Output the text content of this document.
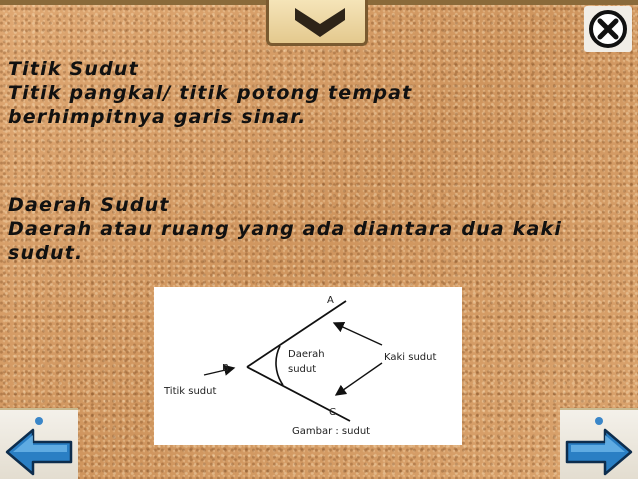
Titik Sudut
Titik pangkal/ titik potong tempat berhimpitnya garis sinar.
Daerah Sudut
Daerah atau ruang yang ada diantara dua kaki sudut.
A
B
C
Daerah
sudut
Kaki sudut
Titik sudut
Gambar : sudut
